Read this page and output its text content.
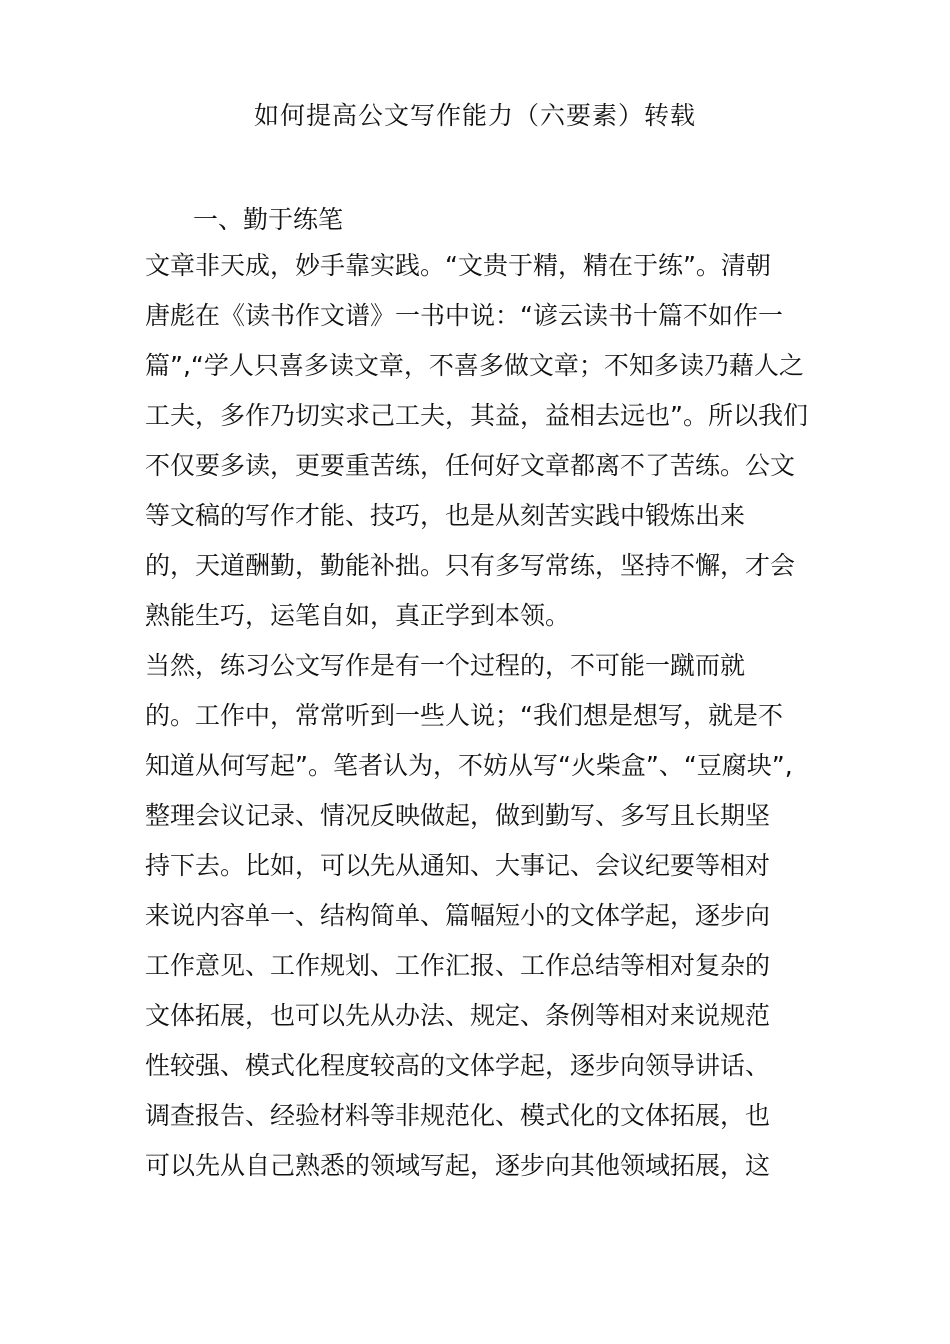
如何提高公文写作能力（六要素）转载

一、勤于练笔

文章非天成，妙手靠实践。“文贵于精，精在于练”。清朝

唐彪在《读书作文谱》一书中说：“谚云读书十篇不如作一

篇”,“学人只喜多读文章，不喜多做文章；不知多读乃藉人之

工夫，多作乃切实求己工夫，其益，益相去远也”。所以我们

不仅要多读，更要重苦练，任何好文章都离不了苦练。公文

等文稿的写作才能、技巧，也是从刻苦实践中锻炼出来

的，天道酬勤，勤能补拙。只有多写常练，坚持不懈，才会

熟能生巧，运笔自如，真正学到本领。

当然，练习公文写作是有一个过程的，不可能一蹴而就

的。工作中，常常听到一些人说；“我们想是想写，就是不

知道从何写起”。笔者认为，不妨从写“火柴盒”、“豆腐块”,

整理会议记录、情况反映做起，做到勤写、多写且长期坚

持下去。比如，可以先从通知、大事记、会议纪要等相对

来说内容单一、结构简单、篇幅短小的文体学起，逐步向

工作意见、工作规划、工作汇报、工作总结等相对复杂的

文体拓展，也可以先从办法、规定、条例等相对来说规范

性较强、模式化程度较高的文体学起，逐步向领导讲话、

调查报告、经验材料等非规范化、模式化的文体拓展，也

可以先从自己熟悉的领域写起，逐步向其他领域拓展，这
